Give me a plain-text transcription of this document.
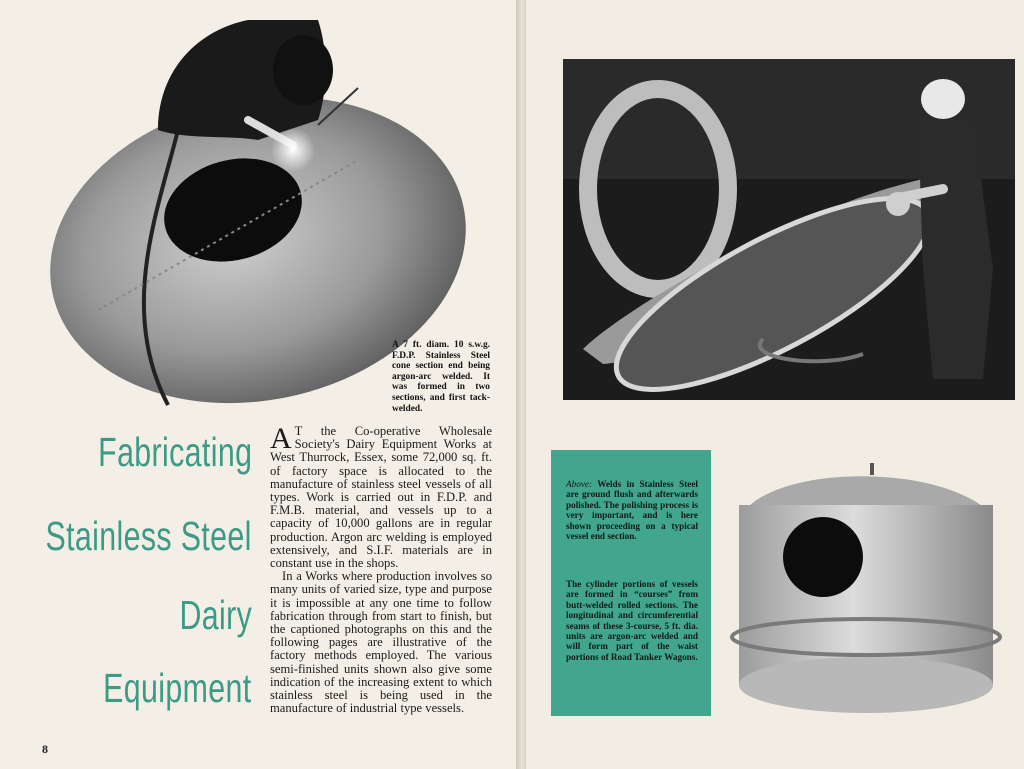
A 7 ft. diam. 10 s.w.g. F.D.P. Stainless Steel cone section end being argon-arc welded. It was formed in two sections, and first tack-welded.
Fabricating
Stainless Steel
Dairy
Equipment

A T the Co-operative Wholesale Society's Dairy Equipment Works at West Thurrock, Essex, some 72,000 sq. ft. of factory space is allocated to the manufacture of stainless steel vessels of all types. Work is carried out in F.D.P. and F.M.B. material, and vessels up to a capacity of 10,000 gallons are in regular production. Argon arc welding is employed extensively, and S.I.F. materials are in constant use in the shops.

In a Works where production involves so many units of varied size, type and purpose it is impossible at any one time to follow fabrication through from start to finish, but the captioned photographs on this and the following pages are illustrative of the factory methods employed. The various semi-finished units shown also give some indication of the increasing extent to which stainless steel is being used in the manufacture of industrial type vessels.

8
Above: Welds in Stainless Steel are ground flush and afterwards polished. The polishing process is very important, and is here shown proceeding on a typical vessel end section.
The cylinder portions of vessels are formed in “courses” from butt-welded rolled sections. The longitudinal and circumferential seams of these 3-course, 5 ft. dia. units are argon-arc welded and will form part of the waist portions of Road Tanker Wagons.
